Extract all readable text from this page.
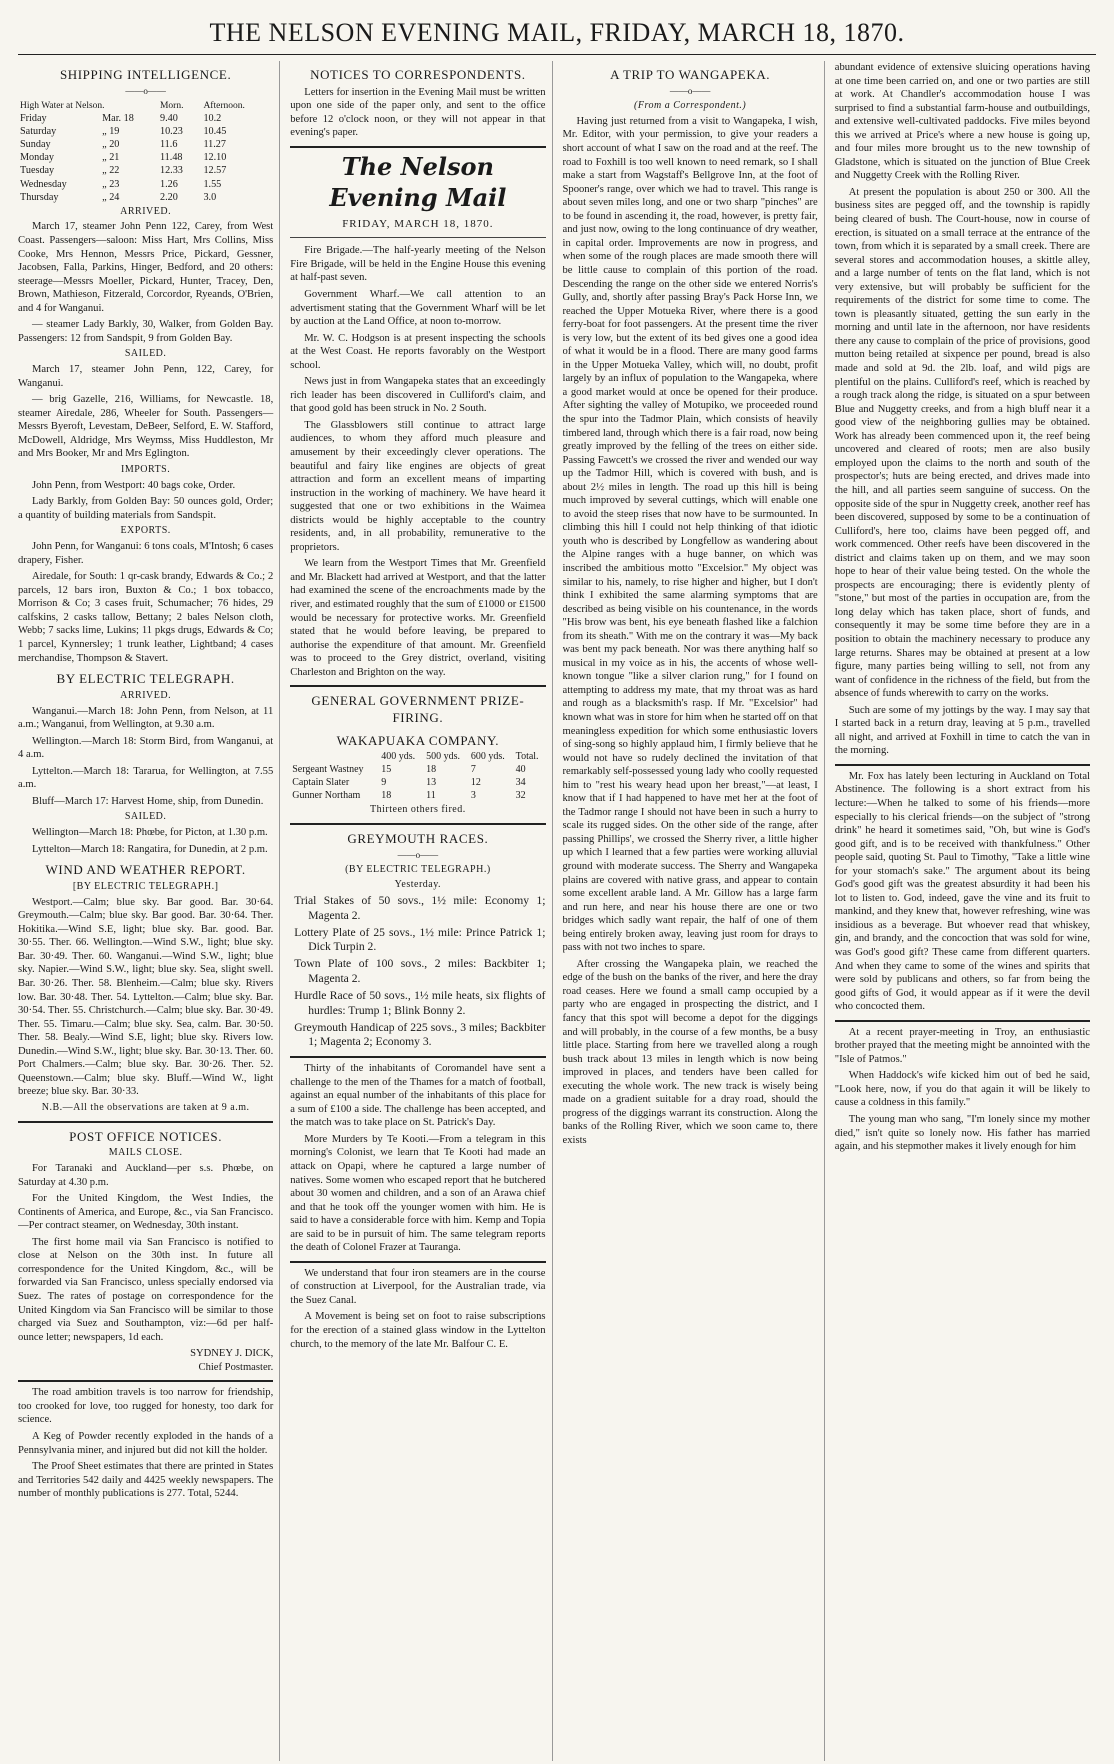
THE NELSON EVENING MAIL, FRIDAY, MARCH 18, 1870.
SHIPPING INTELLIGENCE.
——o——
High Water at Nelson.		Morn.	Afternoon.
Friday	Mar. 18	9.40	10.2
Saturday	„ 19	10.23	10.45
Sunday	„ 20	11.6	11.27
Monday	„ 21	11.48	12.10
Tuesday	„ 22	12.33	12.57
Wednesday	„ 23	1.26	1.55
Thursday	„ 24	2.20	3.0
ARRIVED.

March 17, steamer John Penn 122, Carey, from West Coast. Passengers—saloon: Miss Hart, Mrs Collins, Miss Cooke, Mrs Hennon, Messrs Price, Pickard, Gessner, Jacobsen, Falla, Parkins, Hinger, Bedford, and 20 others: steerage—Messrs Moeller, Pickard, Hunter, Tracey, Den, Brown, Mathieson, Fitzerald, Corcordor, Ryeands, O'Brien, and 4 for Wanganui.

— steamer Lady Barkly, 30, Walker, from Golden Bay. Passengers: 12 from Sandspit, 9 from Golden Bay.

SAILED.

March 17, steamer John Penn, 122, Carey, for Wanganui.

— brig Gazelle, 216, Williams, for Newcastle. 18, steamer Airedale, 286, Wheeler for South. Passengers—Messrs Byeroft, Levestam, DeBeer, Selford, E. W. Stafford, McDowell, Aldridge, Mrs Weymss, Miss Huddleston, Mr and Mrs Booker, Mr and Mrs Eglington.

IMPORTS.

John Penn, from Westport: 40 bags coke, Order.

Lady Barkly, from Golden Bay: 50 ounces gold, Order; a quantity of building materials from Sandspit.

EXPORTS.

John Penn, for Wanganui: 6 tons coals, M'Intosh; 6 cases drapery, Fisher.

Airedale, for South: 1 qr-cask brandy, Edwards & Co.; 2 parcels, 12 bars iron, Buxton & Co.; 1 box tobacco, Morrison & Co; 3 cases fruit, Schumacher; 76 hides, 29 calfskins, 2 casks tallow, Bettany; 2 bales Nelson cloth, Webb; 7 sacks lime, Lukins; 11 pkgs drugs, Edwards & Co; 1 parcel, Kynnersley; 1 trunk leather, Lightband; 4 cases merchandise, Thompson & Stavert.

BY ELECTRIC TELEGRAPH.
ARRIVED.

Wanganui.—March 18: John Penn, from Nelson, at 11 a.m.; Wanganui, from Wellington, at 9.30 a.m.

Wellington.—March 18: Storm Bird, from Wanganui, at 4 a.m.

Lyttelton.—March 18: Tararua, for Wellington, at 7.55 a.m.

Bluff—March 17: Harvest Home, ship, from Dunedin.

SAILED.

Wellington—March 18: Phœbe, for Picton, at 1.30 p.m.

Lyttelton—March 18: Rangatira, for Dunedin, at 2 p.m.

WIND AND WEATHER REPORT.
[BY ELECTRIC TELEGRAPH.]

Westport.—Calm; blue sky. Bar good. Bar. 30·64. Greymouth.—Calm; blue sky. Bar good. Bar. 30·64. Ther. Hokitika.—Wind S.E, light; blue sky. Bar. good. Bar. 30·55. Ther. 66. Wellington.—Wind S.W., light; blue sky. Bar. 30·49. Ther. 60. Wanganui.—Wind S.W., light; blue sky. Napier.—Wind S.W., light; blue sky. Sea, slight swell. Bar. 30·26. Ther. 58. Blenheim.—Calm; blue sky. Rivers low. Bar. 30·48. Ther. 54. Lyttelton.—Calm; blue sky. Bar. 30·54. Ther. 55. Christchurch.—Calm; blue sky. Bar. 30·49. Ther. 55. Timaru.—Calm; blue sky. Sea, calm. Bar. 30·50. Ther. 58. Bealy.—Wind S.E, light; blue sky. Rivers low. Dunedin.—Wind S.W., light; blue sky. Bar. 30·13. Ther. 60. Port Chalmers.—Calm; blue sky. Bar. 30·26. Ther. 52. Queenstown.—Calm; blue sky. Bluff.—Wind W., light breeze; blue sky. Bar. 30·33.

N.B.—All the observations are taken at 9 a.m.
POST OFFICE NOTICES.
MAILS CLOSE.

For Taranaki and Auckland—per s.s. Phœbe, on Saturday at 4.30 p.m.

For the United Kingdom, the West Indies, the Continents of America, and Europe, &c., via San Francisco.—Per contract steamer, on Wednesday, 30th instant.

The first home mail via San Francisco is notified to close at Nelson on the 30th inst. In future all correspondence for the United Kingdom, &c., will be forwarded via San Francisco, unless specially endorsed via Suez. The rates of postage on correspondence for the United Kingdom via San Francisco will be similar to those charged via Suez and Southampton, viz:—6d per half-ounce letter; newspapers, 1d each.

SYDNEY J. DICK,

Chief Postmaster.

The road ambition travels is too narrow for friendship, too crooked for love, too rugged for honesty, too dark for science.

A Keg of Powder recently exploded in the hands of a Pennsylvania miner, and injured but did not kill the holder.

The Proof Sheet estimates that there are printed in States and Territories 542 daily and 4425 weekly newspapers. The number of monthly publications is 277. Total, 5244.

NOTICES TO CORRESPONDENTS.

Letters for insertion in the Evening Mail must be written upon one side of the paper only, and sent to the office before 12 o'clock noon, or they will not appear in that evening's paper.

The Nelson Evening Mail
FRIDAY, MARCH 18, 1870.

Fire Brigade.—The half-yearly meeting of the Nelson Fire Brigade, will be held in the Engine House this evening at half-past seven.

Government Wharf.—We call attention to an advertisment stating that the Government Wharf will be let by auction at the Land Office, at noon to-morrow.

Mr. W. C. Hodgson is at present inspecting the schools at the West Coast. He reports favorably on the Westport school.

News just in from Wangapeka states that an exceedingly rich leader has been discovered in Culliford's claim, and that good gold has been struck in No. 2 South.

The Glassblowers still continue to attract large audiences, to whom they afford much pleasure and amusement by their exceedingly clever operations. The beautiful and fairy like engines are objects of great attraction and form an excellent means of imparting instruction in the working of machinery. We have heard it suggested that one or two exhibitions in the Waimea districts would be highly acceptable to the country residents, and, in all probability, remunerative to the proprietors.

We learn from the Westport Times that Mr. Greenfield and Mr. Blackett had arrived at Westport, and that the latter had examined the scene of the encroachments made by the river, and estimated roughly that the sum of £1000 or £1500 would be necessary for protective works. Mr. Greenfield stated that he would before leaving, be prepared to authorise the expenditure of that amount. Mr. Greenfield was to proceed to the Grey district, overland, visiting Charleston and Brighton on the way.

GENERAL GOVERNMENT PRIZE-FIRING.
WAKAPUAKA COMPANY.
	400 yds.	500 yds.	600 yds.	Total.
Sergeant Wastney	15	18	7	40
Captain Slater	9	13	12	34
Gunner Northam	18	11	3	32
Thirteen others fired.
GREYMOUTH RACES.
——o——
(BY ELECTRIC TELEGRAPH.)
Yesterday.

Trial Stakes of 50 sovs., 1½ mile: Economy 1; Magenta 2.

Lottery Plate of 25 sovs., 1½ mile: Prince Patrick 1; Dick Turpin 2.

Town Plate of 100 sovs., 2 miles: Backbiter 1; Magenta 2.

Hurdle Race of 50 sovs., 1½ mile heats, six flights of hurdles: Trump 1; Blink Bonny 2.

Greymouth Handicap of 225 sovs., 3 miles; Backbiter 1; Magenta 2; Economy 3.

Thirty of the inhabitants of Coromandel have sent a challenge to the men of the Thames for a match of football, against an equal number of the inhabitants of this place for a sum of £100 a side. The challenge has been accepted, and the match was to take place on St. Patrick's Day.

More Murders by Te Kooti.—From a telegram in this morning's Colonist, we learn that Te Kooti had made an attack on Opapi, where he captured a large number of natives. Some women who escaped report that he butchered about 30 women and children, and a son of an Arawa chief and that he took off the younger women with him. He is said to have a considerable force with him. Kemp and Topia are said to be in pursuit of him. The same telegram reports the death of Colonel Frazer at Tauranga.

We understand that four iron steamers are in the course of construction at Liverpool, for the Australian trade, via the Suez Canal.

A Movement is being set on foot to raise subscriptions for the erection of a stained glass window in the Lyttelton church, to the memory of the late Mr. Balfour C. E.

A TRIP TO WANGAPEKA.
——o——
(From a Correspondent.)

Having just returned from a visit to Wangapeka, I wish, Mr. Editor, with your permission, to give your readers a short account of what I saw on the road and at the reef. The road to Foxhill is too well known to need remark, so I shall make a start from Wagstaff's Bellgrove Inn, at the foot of Spooner's range, over which we had to travel. This range is about seven miles long, and one or two sharp "pinches" are to be found in ascending it, the road, however, is pretty fair, and just now, owing to the long continuance of dry weather, in capital order. Improvements are now in progress, and when some of the rough places are made smooth there will be little cause to complain of this portion of the road. Descending the range on the other side we entered Norris's Gully, and, shortly after passing Bray's Pack Horse Inn, we reached the Upper Motueka River, where there is a good ferry-boat for foot passengers. At the present time the river is very low, but the extent of its bed gives one a good idea of what it would be in a flood. There are many good farms in the Upper Motueka Valley, which will, no doubt, profit largely by an influx of population to the Wangapeka, where a good market would at once be opened for their produce. After sighting the valley of Motupiko, we proceeded round the spur into the Tadmor Plain, which consists of heavily timbered land, through which there is a fair road, now being greatly improved by the felling of the trees on either side. Passing Fawcett's we crossed the river and wended our way up the Tadmor Hill, which is covered with bush, and is about 2½ miles in length. The road up this hill is being much improved by several cuttings, which will enable one to avoid the steep rises that now have to be surmounted. In climbing this hill I could not help thinking of that idiotic youth who is described by Longfellow as wandering about the Alpine ranges with a huge banner, on which was inscribed the ambitious motto "Excelsior." My object was similar to his, namely, to rise higher and higher, but I don't think I exhibited the same alarming symptoms that are described as being visible on his countenance, in the words "His brow was bent, his eye beneath flashed like a falchion from its sheath." With me on the contrary it was—My back was bent my pack beneath. Nor was there anything half so musical in my voice as in his, the accents of whose well-known tongue "like a silver clarion rung," for I found on attempting to address my mate, that my throat was as hard and rough as a blacksmith's rasp. If Mr. "Excelsior" had known what was in store for him when he started off on that meaningless expedition for which some enthusiastic lovers of sing-song so highly applaud him, I firmly believe that he would not have so rudely declined the invitation of that remarkably self-possessed young lady who coolly requested him to "rest his weary head upon her breast,"—at least, I know that if I had happened to have met her at the foot of the Tadmor range I should not have been in such a hurry to scale its rugged sides. On the other side of the range, after passing Phillips', we crossed the Sherry river, a little higher up which I learned that a few parties were working alluvial ground with moderate success. The Sherry and Wangapeka plains are covered with native grass, and appear to contain some excellent arable land. A Mr. Gillow has a large farm and run here, and near his house there are one or two bridges which sadly want repair, the half of one of them being entirely broken away, leaving just room for drays to pass with not two inches to spare.

After crossing the Wangapeka plain, we reached the edge of the bush on the banks of the river, and here the dray road ceases. Here we found a small camp occupied by a party who are engaged in prospecting the district, and I fancy that this spot will become a depot for the diggings and will probably, in the course of a few months, be a busy little place. Starting from here we travelled along a rough bush track about 13 miles in length which is now being improved in places, and tenders have been called for executing the whole work. The new track is wisely being made on a gradient suitable for a dray road, should the progress of the diggings warrant its construction. Along the banks of the Rolling River, which we soon came to, there exists

abundant evidence of extensive sluicing operations having at one time been carried on, and one or two parties are still at work. At Chandler's accommodation house I was surprised to find a substantial farm-house and outbuildings, and extensive well-cultivated paddocks. Five miles beyond this we arrived at Price's where a new house is going up, and four miles more brought us to the new township of Gladstone, which is situated on the junction of Blue Creek and Nuggetty Creek with the Rolling River.

At present the population is about 250 or 300. All the business sites are pegged off, and the township is rapidly being cleared of bush. The Court-house, now in course of erection, is situated on a small terrace at the entrance of the town, from which it is separated by a small creek. There are several stores and accommodation houses, a skittle alley, and a large number of tents on the flat land, which is not very extensive, but will probably be sufficient for the requirements of the district for some time to come. The town is pleasantly situated, getting the sun early in the morning and until late in the afternoon, nor have residents there any cause to complain of the price of provisions, good mutton being retailed at sixpence per pound, bread is also made and sold at 9d. the 2lb. loaf, and wild pigs are plentiful on the plains. Culliford's reef, which is reached by a rough track along the ridge, is situated on a spur between Blue and Nuggetty creeks, and from a high bluff near it a good view of the neighboring gullies may be obtained. Work has already been commenced upon it, the reef being uncovered and cleared of roots; men are also busily employed upon the claims to the north and south of the prospector's; huts are being erected, and drives made into the hill, and all parties seem sanguine of success. On the opposite side of the spur in Nuggetty creek, another reef has been discovered, supposed by some to be a continuation of Culliford's, here too, claims have been pegged off, and work commenced. Other reefs have been discovered in the district and claims taken up on them, and we may soon hope to hear of their value being tested. On the whole the prospects are encouraging; there is evidently plenty of "stone," but most of the parties in occupation are, from the long delay which has taken place, short of funds, and consequently it may be some time before they are in a position to obtain the machinery necessary to produce any large returns. Shares may be obtained at present at a low figure, many parties being willing to sell, not from any want of confidence in the richness of the field, but from the absence of funds wherewith to carry on the works.

Such are some of my jottings by the way. I may say that I started back in a return dray, leaving at 5 p.m., travelled all night, and arrived at Foxhill in time to catch the van in the morning.

Mr. Fox has lately been lecturing in Auckland on Total Abstinence. The following is a short extract from his lecture:—When he talked to some of his friends—more especially to his clerical friends—on the subject of "strong drink" he heard it sometimes said, "Oh, but wine is God's good gift, and is to be received with thankfulness." Other people said, quoting St. Paul to Timothy, "Take a little wine for your stomach's sake." The argument about its being God's good gift was the greatest absurdity it had been his lot to listen to. God, indeed, gave the vine and its fruit to mankind, and they knew that, however refreshing, wine was insidious as a beverage. But whoever read that whiskey, gin, and brandy, and the concoction that was sold for wine, was God's good gift? These came from different quarters. And when they came to some of the wines and spirits that were sold by publicans and others, so far from being the good gifts of God, it would appear as if it were the devil who concocted them.

At a recent prayer-meeting in Troy, an enthusiastic brother prayed that the meeting might be annointed with the "Isle of Patmos."

When Haddock's wife kicked him out of bed he said, "Look here, now, if you do that again it will be likely to cause a coldness in this family."

The young man who sang, "I'm lonely since my mother died," isn't quite so lonely now. His father has married again, and his stepmother makes it lively enough for him
